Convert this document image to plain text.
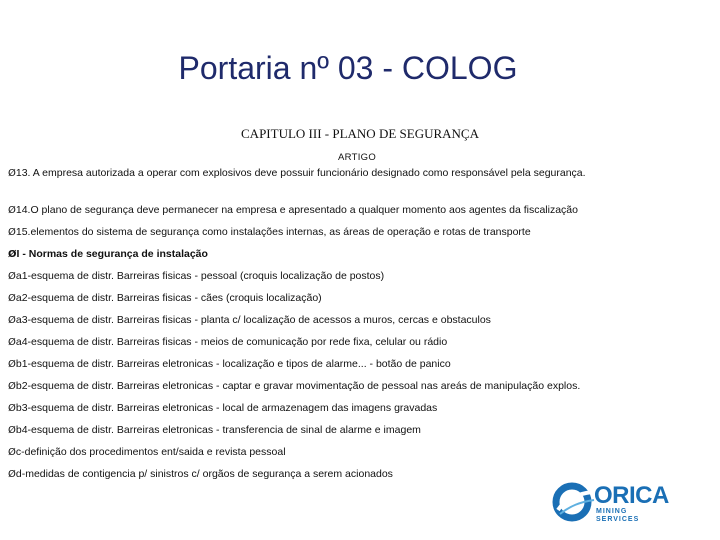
Portaria nº 03 - COLOG
CAPITULO III - PLANO DE SEGURANÇA
ARTIGO
Ø13. A empresa autorizada a operar com explosivos deve possuir funcionário designado como responsável pela segurança.
Ø14.O plano de segurança deve permanecer na empresa e apresentado a qualquer momento aos agentes da fiscalização
Ø15.elementos do sistema de segurança como instalações internas, as áreas de operação e rotas de transporte
ØI - Normas de segurança de instalação
Øa1-esquema de distr. Barreiras fisicas - pessoal (croquis localização de postos)
Øa2-esquema de distr. Barreiras fisicas - cães (croquis localização)
Øa3-esquema de distr. Barreiras fisicas - planta c/ localização de acessos a muros, cercas e obstaculos
Øa4-esquema de distr. Barreiras fisicas - meios de comunicação por rede fixa, celular ou rádio
Øb1-esquema de distr. Barreiras eletronicas - localização e tipos de alarme... - botão de panico
Øb2-esquema de distr. Barreiras eletronicas - captar e gravar movimentação de pessoal nas areás de manipulação explos.
Øb3-esquema de distr. Barreiras eletronicas - local de armazenagem das imagens gravadas
Øb4-esquema de distr. Barreiras eletronicas - transferencia de sinal de alarme e imagem
Øc-definição dos procedimentos ent/saida e revista pessoal
Ød-medidas de contigencia p/ sinistros c/ orgãos de segurança a serem acionados
ORICA
MINING
SERVICES
